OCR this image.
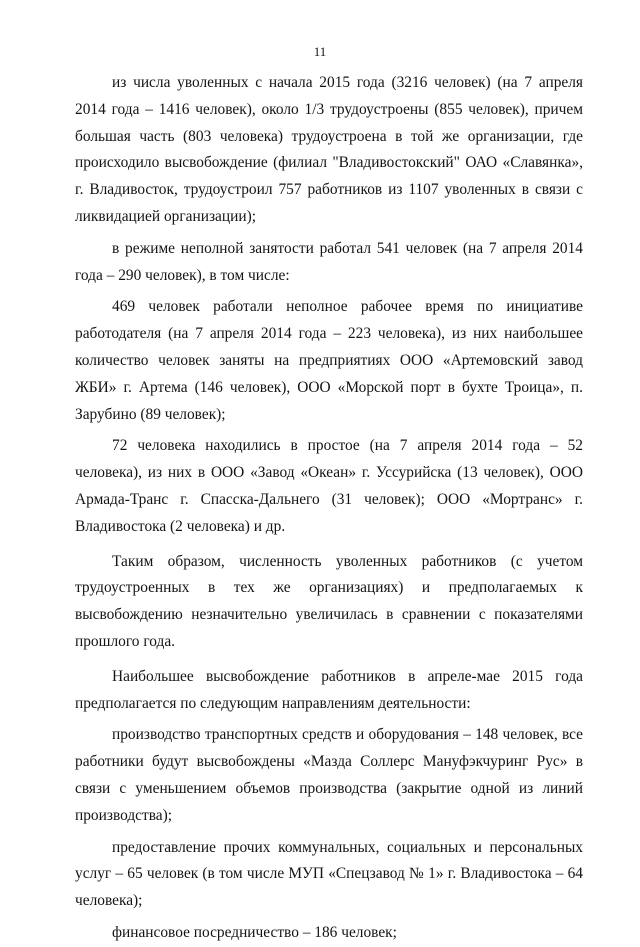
11

из числа уволенных с начала 2015 года (3216 человек) (на 7 апреля 2014 года – 1416 человек), около 1/3 трудоустроены (855 человек), причем большая часть (803 человека) трудоустроена в той же организации, где происходило высвобождение (филиал "Владивостокский" ОАО «Славянка», г. Владивосток, трудоустроил 757 работников из 1107 уволенных в связи с ликвидацией организации);

в режиме неполной занятости работал 541 человек (на 7 апреля 2014 года – 290 человек), в том числе:

469 человек работали неполное рабочее время по инициативе работодателя (на 7 апреля 2014 года – 223 человека), из них наибольшее количество человек заняты на предприятиях ООО «Артемовский завод ЖБИ» г. Артема (146 человек), ООО «Морской порт в бухте Троица», п. Зарубино (89 человек);

72 человека находились в простое (на 7 апреля 2014 года – 52 человека), из них в ООО «Завод «Океан» г. Уссурийска (13 человек), ООО Армада-Транс г. Спасска-Дальнего (31 человек); ООО «Мортранс» г. Владивостока (2 человека) и др.

Таким образом, численность уволенных работников (с учетом трудоустроенных в тех же организациях) и предполагаемых к высвобождению незначительно увеличилась в сравнении с показателями прошлого года.

Наибольшее высвобождение работников в апреле-мае 2015 года предполагается по следующим направлениям деятельности:

производство транспортных средств и оборудования – 148 человек, все работники будут высвобождены «Мазда Соллерс Мануфэкчуринг Рус» в связи с уменьшением объемов производства (закрытие одной из линий производства);

предоставление прочих коммунальных, социальных и персональных услуг – 65 человек (в том числе МУП «Спецзавод № 1» г. Владивостока – 64 человека);

финансовое посредничество – 186 человек;
